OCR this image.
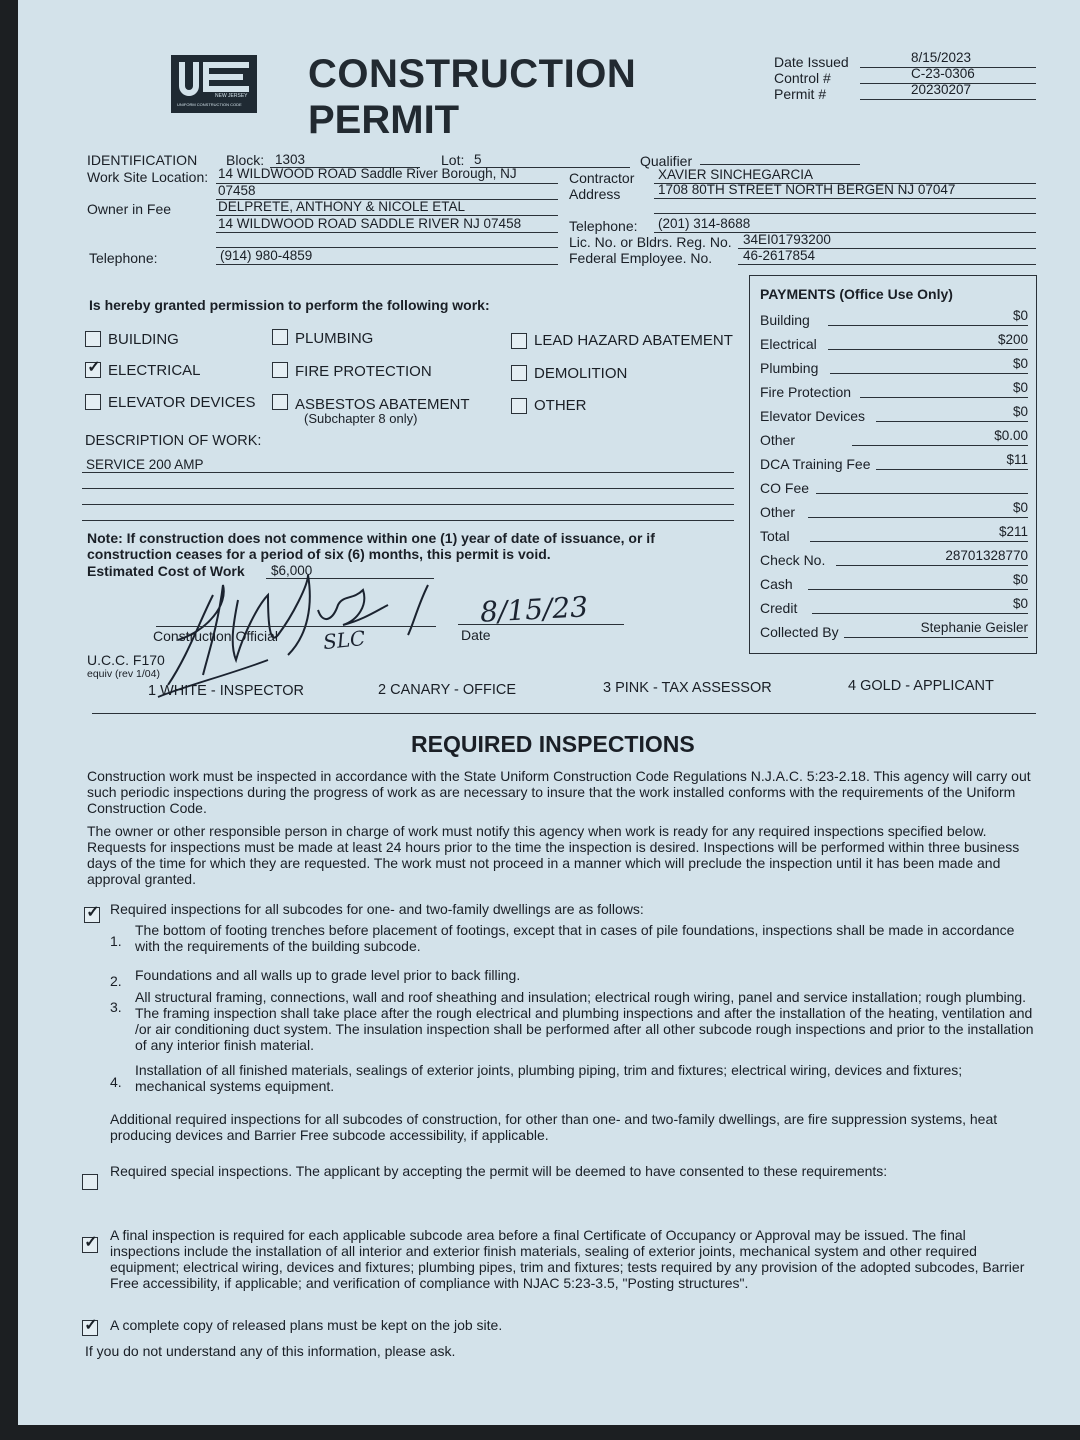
NEW JERSEY
UNIFORM CONSTRUCTION CODE
CONSTRUCTION
PERMIT
Date Issued	8/15/2023
Control #	C-23-0306
Permit #	20230207
IDENTIFICATION Block: 1303	Lot: 5	Qualifier
Work Site Location: 14 WILDWOOD ROAD Saddle River Borough, NJ
07458
Owner in Fee	DELPRETE, ANTHONY & NICOLE ETAL
14 WILDWOOD ROAD SADDLE RIVER NJ 07458
Telephone:	(914) 980-4859
Contractor XAVIER SINCHEGARCIA
Address	1708 80TH STREET NORTH BERGEN NJ 07047
Telephone: (201) 314-8688
Lic. No. or Bldrs. Reg. No. 34EI01793200
Federal Employee. No. 46-2617854
Is hereby granted permission to perform the following work:
BUILDING	PLUMBING	LEAD HAZARD ABATEMENT
✓ ELECTRICAL	FIRE PROTECTION	DEMOLITION
ELEVATOR DEVICES	ASBESTOS ABATEMENT
(Subchapter 8 only)
OTHER
DESCRIPTION OF WORK:
SERVICE 200 AMP
Note: If construction does not commence within one (1) year of date of issuance, or if
construction ceases for a period of six (6) months, this permit is void.
Estimated Cost of Work $6,000
SLC
Construction Official
8/15/23
Date
U.C.C. F170
equiv (rev 1/04)
PAYMENTS (Office Use Only)
Building	$0
Electrical	$200
Plumbing	$0
Fire Protection	$0
Elevator Devices	$0
Other	$0.00
DCA Training Fee	$11
CO Fee
Other	$0
Total	$211
Check No.	28701328770
Cash	$0
Credit	$0
Collected By	Stephanie Geisler
1 WHITE - INSPECTOR	2 CANARY - OFFICE	3 PINK - TAX ASSESSOR	4 GOLD - APPLICANT
REQUIRED INSPECTIONS
Construction work must be inspected in accordance with the State Uniform Construction Code Regulations N.J.A.C. 5:23-2.18. This agency will carry out such periodic inspections during the progress of work as are necessary to insure that the work installed conforms with the requirements of the Uniform Construction Code.
The owner or other responsible person in charge of work must notify this agency when work is ready for any required inspections specified below. Requests for inspections must be made at least 24 hours prior to the time the inspection is desired. Inspections will be performed within three business days of the time for which they are requested. The work must not proceed in a manner which will preclude the inspection until it has been made and approval granted.
✓ Required inspections for all subcodes for one- and two-family dwellings are as follows:
1.
The bottom of footing trenches before placement of footings, except that in cases of pile foundations, inspections shall be made in accordance with the requirements of the building subcode.
2. Foundations and all walls up to grade level prior to back filling.
3.
All structural framing, connections, wall and roof sheathing and insulation; electrical rough wiring, panel and service installation; rough plumbing. The framing inspection shall take place after the rough electrical and plumbing inspections and after the installation of the heating, ventilation and /or air conditioning duct system. The insulation inspection shall be performed after all other subcode rough inspections and prior to the installation of any interior finish material.
4.
Installation of all finished materials, sealings of exterior joints, plumbing piping, trim and fixtures; electrical wiring, devices and fixtures; mechanical systems equipment.
Additional required inspections for all subcodes of construction, for other than one- and two-family dwellings, are fire suppression systems, heat producing devices and Barrier Free subcode accessibility, if applicable.
Required special inspections. The applicant by accepting the permit will be deemed to have consented to these requirements:
✓ A final inspection is required for each applicable subcode area before a final Certificate of Occupancy or Approval may be issued. The final inspections include the installation of all interior and exterior finish materials, sealing of exterior joints, mechanical system and other required equipment; electrical wiring, devices and fixtures; plumbing pipes, trim and fixtures; tests required by any provision of the adopted subcodes, Barrier Free accessibility, if applicable; and verification of compliance with NJAC 5:23-3.5, "Posting structures".
✓ A complete copy of released plans must be kept on the job site.
If you do not understand any of this information, please ask.
